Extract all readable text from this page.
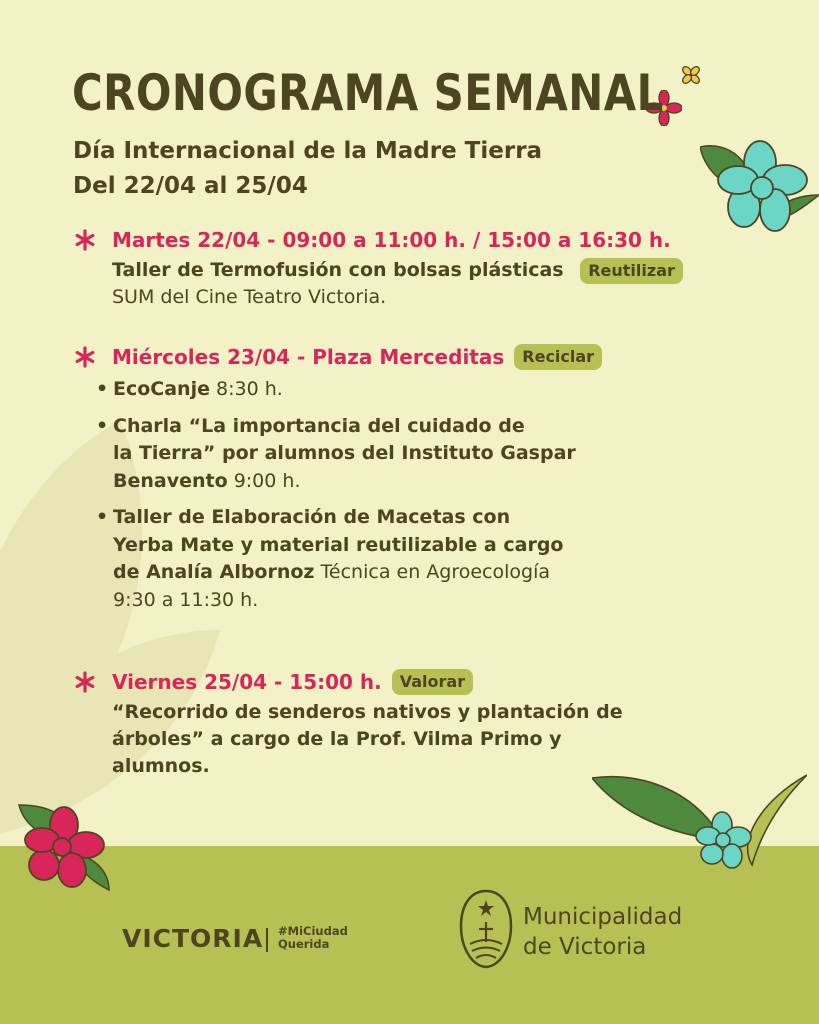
CRONOGRAMA SEMANAL

Día Internacional de la Madre Tierra

Del 22/04 al 25/04

Martes 22/04 - 09:00 a 11:00 h. / 15:00 a 16:30 h.
Taller de Termofusión con bolsas plásticas Reutilizar
SUM del Cine Teatro Victoria.
Miércoles 23/04 - Plaza Merceditas	Reciclar
• EcoCanje 8:30 h.
• Charla “La importancia del cuidado de
la Tierra” por alumnos del Instituto Gaspar
Benavento 9:00 h.
• Taller de Elaboración de Macetas con
Yerba Mate y material reutilizable a cargo
de Analía Albornoz Técnica en Agroecología
9:30 a 11:30 h.
Viernes 25/04 - 15:00 h.	Valorar
“Recorrido de senderos nativos y plantación de
árboles” a cargo de la Prof. Vilma Primo y
alumnos.
VICTORIA #MiCiudad
Querida
Municipalidad
de Victoria
